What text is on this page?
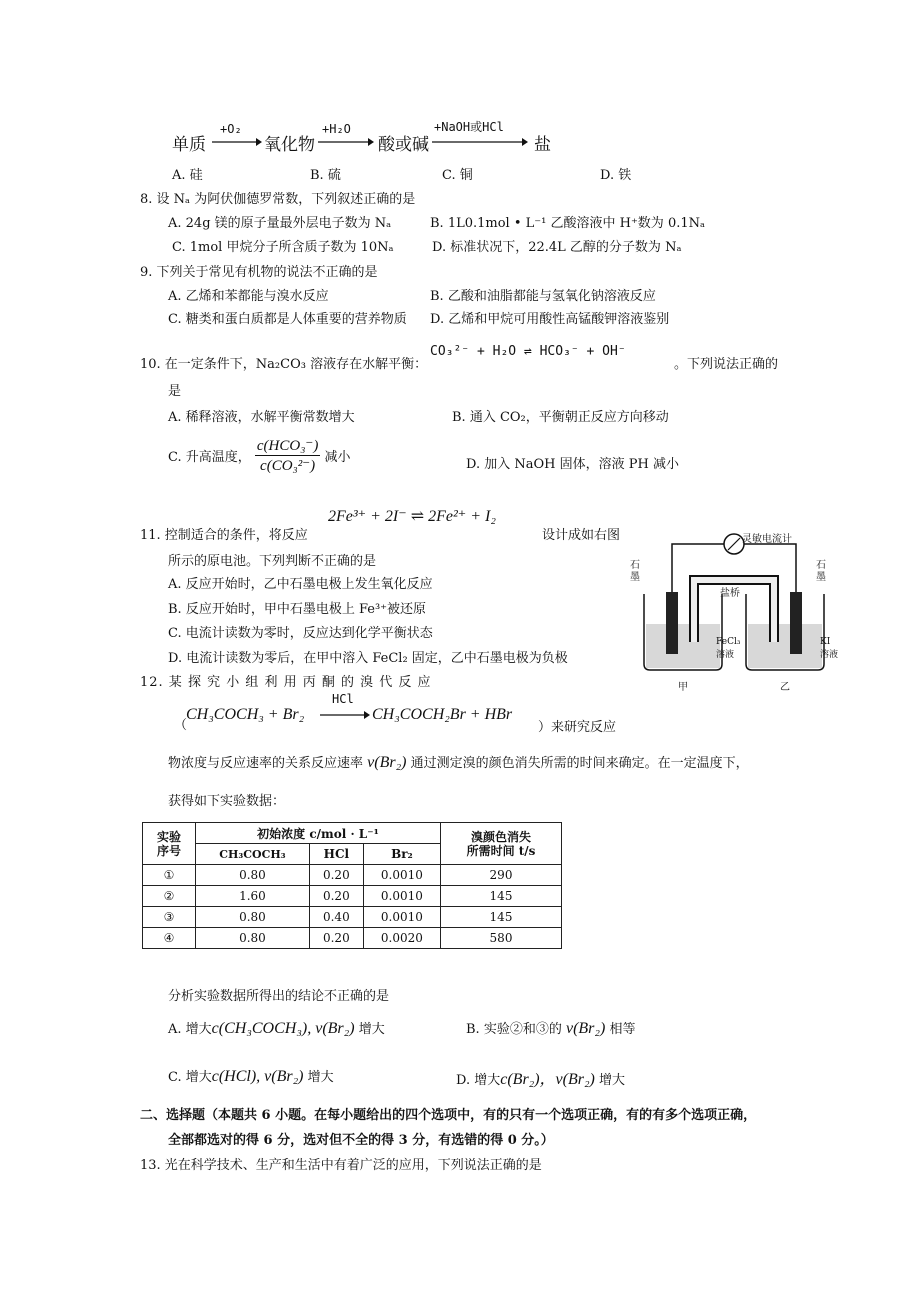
单质
+O₂
氧化物
+H₂O
酸或碱
+NaOH或HCl
盐
A. 硅	B. 硫	C. 铜	D. 铁
8. 设 Nₐ 为阿伏伽德罗常数，下列叙述正确的是
A. 24g 镁的原子量最外层电子数为 Nₐ	B. 1L0.1mol • L⁻¹ 乙酸溶液中 H⁺数为 0.1Nₐ
C. 1mol 甲烷分子所含质子数为 10Nₐ	D. 标准状况下，22.4L 乙醇的分子数为 Nₐ
9. 下列关于常见有机物的说法不正确的是
A. 乙烯和苯都能与溴水反应	B. 乙酸和油脂都能与氢氧化钠溶液反应
C. 糖类和蛋白质都是人体重要的营养物质 D. 乙烯和甲烷可用酸性高锰酸钾溶液鉴别
10. 在一定条件下，Na₂CO₃ 溶液存在水解平衡：
CO₃²⁻ + H₂O ⇌ HCO₃⁻ + OH⁻
。下列说法正确的
是
A. 稀释溶液，水解平衡常数增大	B. 通入 CO₂，平衡朝正反应方向移动
C. 升高温度， $\frac{\text{c(HCO₃⁻)}}{\text{c(CO₃²⁻)}}$ 减小	D. 加入 NaOH 固体，溶液 PH 减小
2Fe³⁺ + 2I⁻ ⇌ 2Fe²⁺ + I₂
11. 控制适合的条件，将反应	设计成如右图
所示的原电池。下列判断不正确的是
A. 反应开始时，乙中石墨电极上发生氧化反应
B. 反应开始时，甲中石墨电极上 Fe³⁺被还原
C. 电流计读数为零时，反应达到化学平衡状态
D. 电流计读数为零后，在甲中溶入 FeCl₂ 固定，乙中石墨电极为负极
灵敏电流计
石墨
石墨
盐桥
FeCl₃ 溶液
KI 溶液
甲	乙
12. 某 探 究 小 组 利 用 丙 酮 的 溴 代 反 应
（
CH₃COCH₃ + Br₂
HCl
CH₃COCH₂Br + HBr
）来研究反应
物浓度与反应速率的关系反应速率 v(Br₂) 通过测定溴的颜色消失所需的时间来确定。在一定温度下，
获得如下实验数据：
实验
序号	初始浓度 c/mol · L⁻¹			溴颜色消失
所需时间 t/s
	CH₃COCH₃	HCl	Br₂	
①	0.80	0.20	0.0010	290
②	1.60	0.20	0.0010	145
③	0.80	0.40	0.0010	145
④	0.80	0.20	0.0020	580
分析实验数据所得出的结论不正确的是
A. 增大c(CH₃COCH₃), v(Br₂) 增大	B. 实验②和③的 v(Br₂) 相等
C. 增大c(HCl), v(Br₂) 增大	D. 增大c(Br₂)，v(Br₂) 增大
二、选择题（本题共 6 小题。在每小题给出的四个选项中，有的只有一个选项正确，有的有多个选项正确，
全部都选对的得 6 分，选对但不全的得 3 分，有选错的得 0 分。）
13. 光在科学技术、生产和生活中有着广泛的应用，下列说法正确的是
